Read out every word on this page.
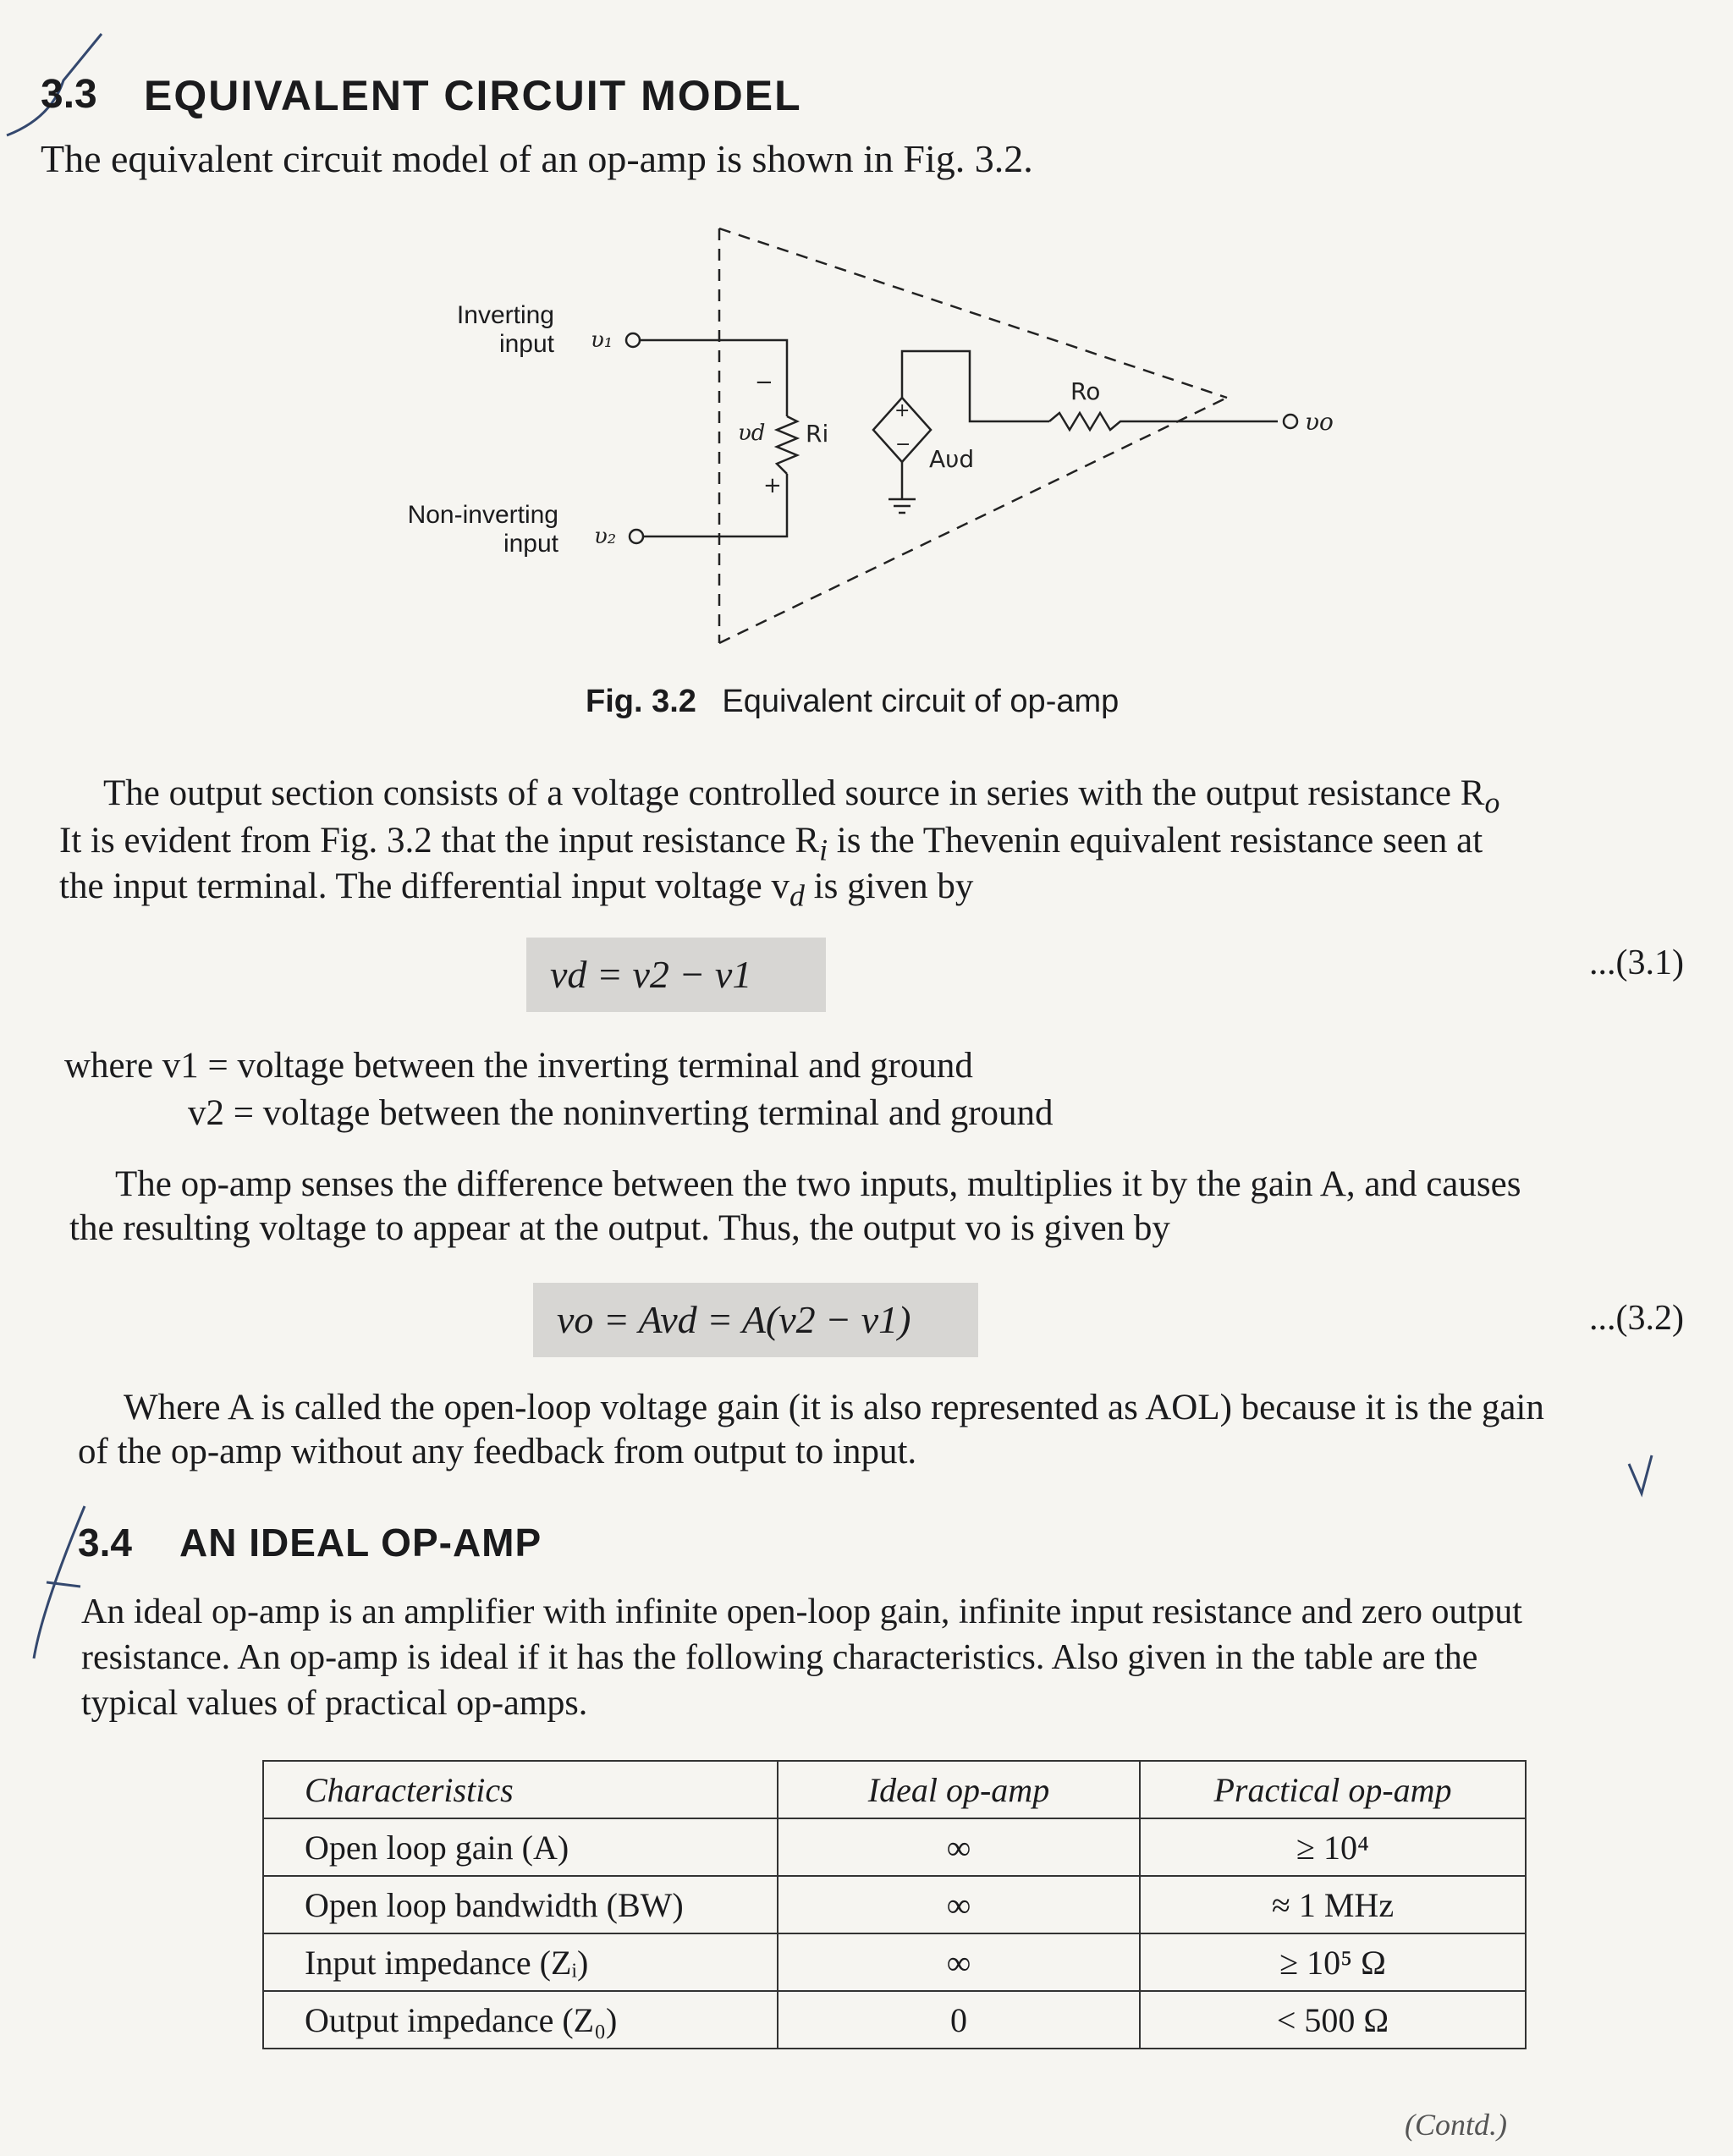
3.3 EQUIVALENT CIRCUIT MODEL
The equivalent circuit model of an op-amp is shown in Fig. 3.2.
Inverting
input
Non-inverting
input
υ₁
υ₂
υd
−
+
Ri
+
−
Aυd
Ro
υo
Fig. 3.2 Equivalent circuit of op-amp
The output section consists of a voltage controlled source in series with the output resistance $R_o$
It is evident from Fig. 3.2 that the input resistance $R_i$ is the Thevenin equivalent resistance seen at
the input terminal. The differential input voltage $v_d$ is given by
vd = v2 − v1	...(3.1)
where v1 = voltage between the inverting terminal and ground
v2 = voltage between the noninverting terminal and ground
The op-amp senses the difference between the two inputs, multiplies it by the gain A, and causes
the resulting voltage to appear at the output. Thus, the output vo is given by
vo = Avd = A(v2 − v1)	...(3.2)
Where A is called the open-loop voltage gain (it is also represented as AOL) because it is the gain
of the op-amp without any feedback from output to input.
3.4 AN IDEAL OP-AMP
An ideal op-amp is an amplifier with infinite open-loop gain, infinite input resistance and zero output
resistance. An op-amp is ideal if it has the following characteristics. Also given in the table are the
typical values of practical op-amps.
Characteristics	Ideal op-amp	Practical op-amp
Open loop gain (A)	∞	≥ 10⁴
Open loop bandwidth (BW)	∞	≈ 1 MHz
Input impedance (Zᵢ)	∞	≥ 10⁵ Ω
Output impedance (Z₀)	0	< 500 Ω
(Contd.)
